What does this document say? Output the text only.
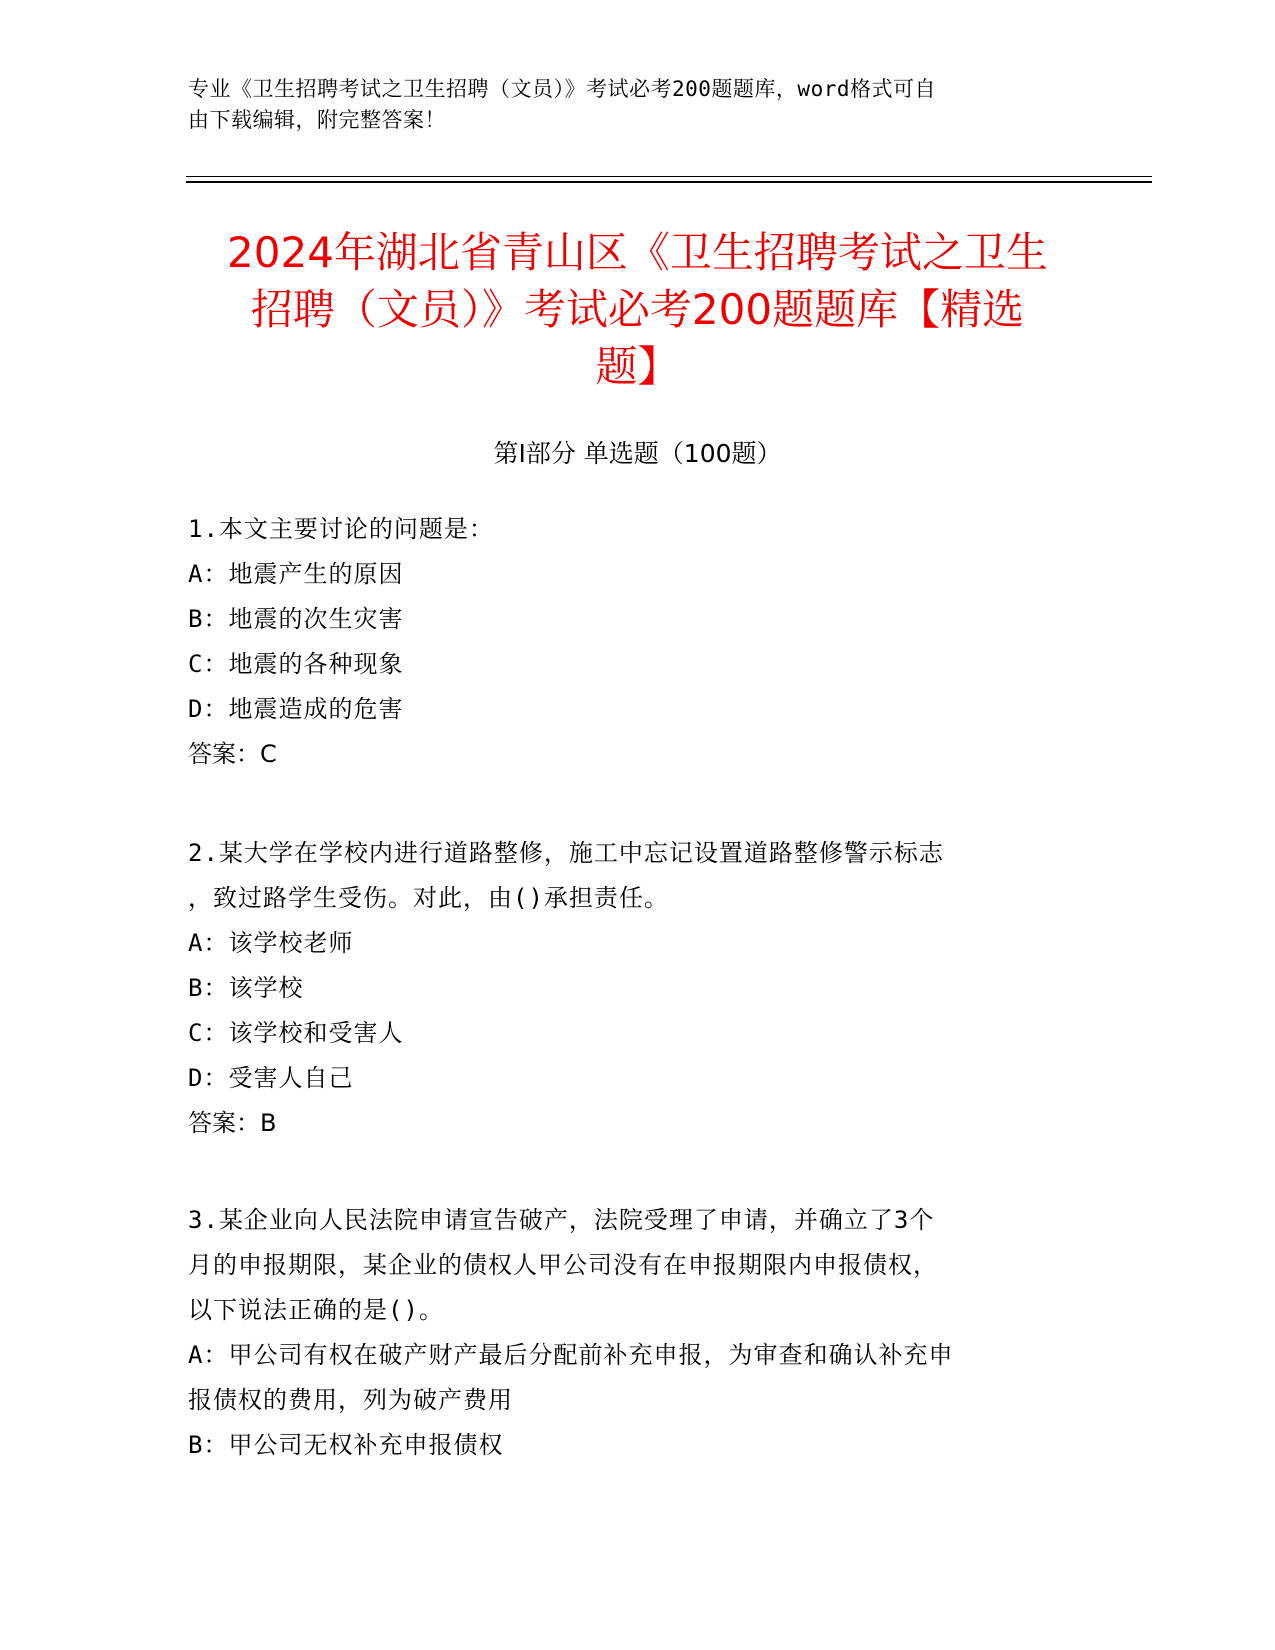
专业《卫生招聘考试之卫生招聘（文员）》考试必考200题题库，word格式可自
由下载编辑，附完整答案！
2024年湖北省青山区《卫生招聘考试之卫生
招聘（文员）》考试必考200题题库【精选
题】
第Ⅰ部分 单选题（100题）
1.本文主要讨论的问题是：
A：地震产生的原因
B：地震的次生灾害
C：地震的各种现象
D：地震造成的危害
答案：C
2.某大学在学校内进行道路整修，施工中忘记设置道路整修警示标志
，致过路学生受伤。对此，由()承担责任。
A：该学校老师
B：该学校
C：该学校和受害人
D：受害人自己
答案：B
3.某企业向人民法院申请宣告破产，法院受理了申请，并确立了3个
月的申报期限，某企业的债权人甲公司没有在申报期限内申报债权，
以下说法正确的是()。
A：甲公司有权在破产财产最后分配前补充申报，为审查和确认补充申
报债权的费用，列为破产费用
B：甲公司无权补充申报债权
